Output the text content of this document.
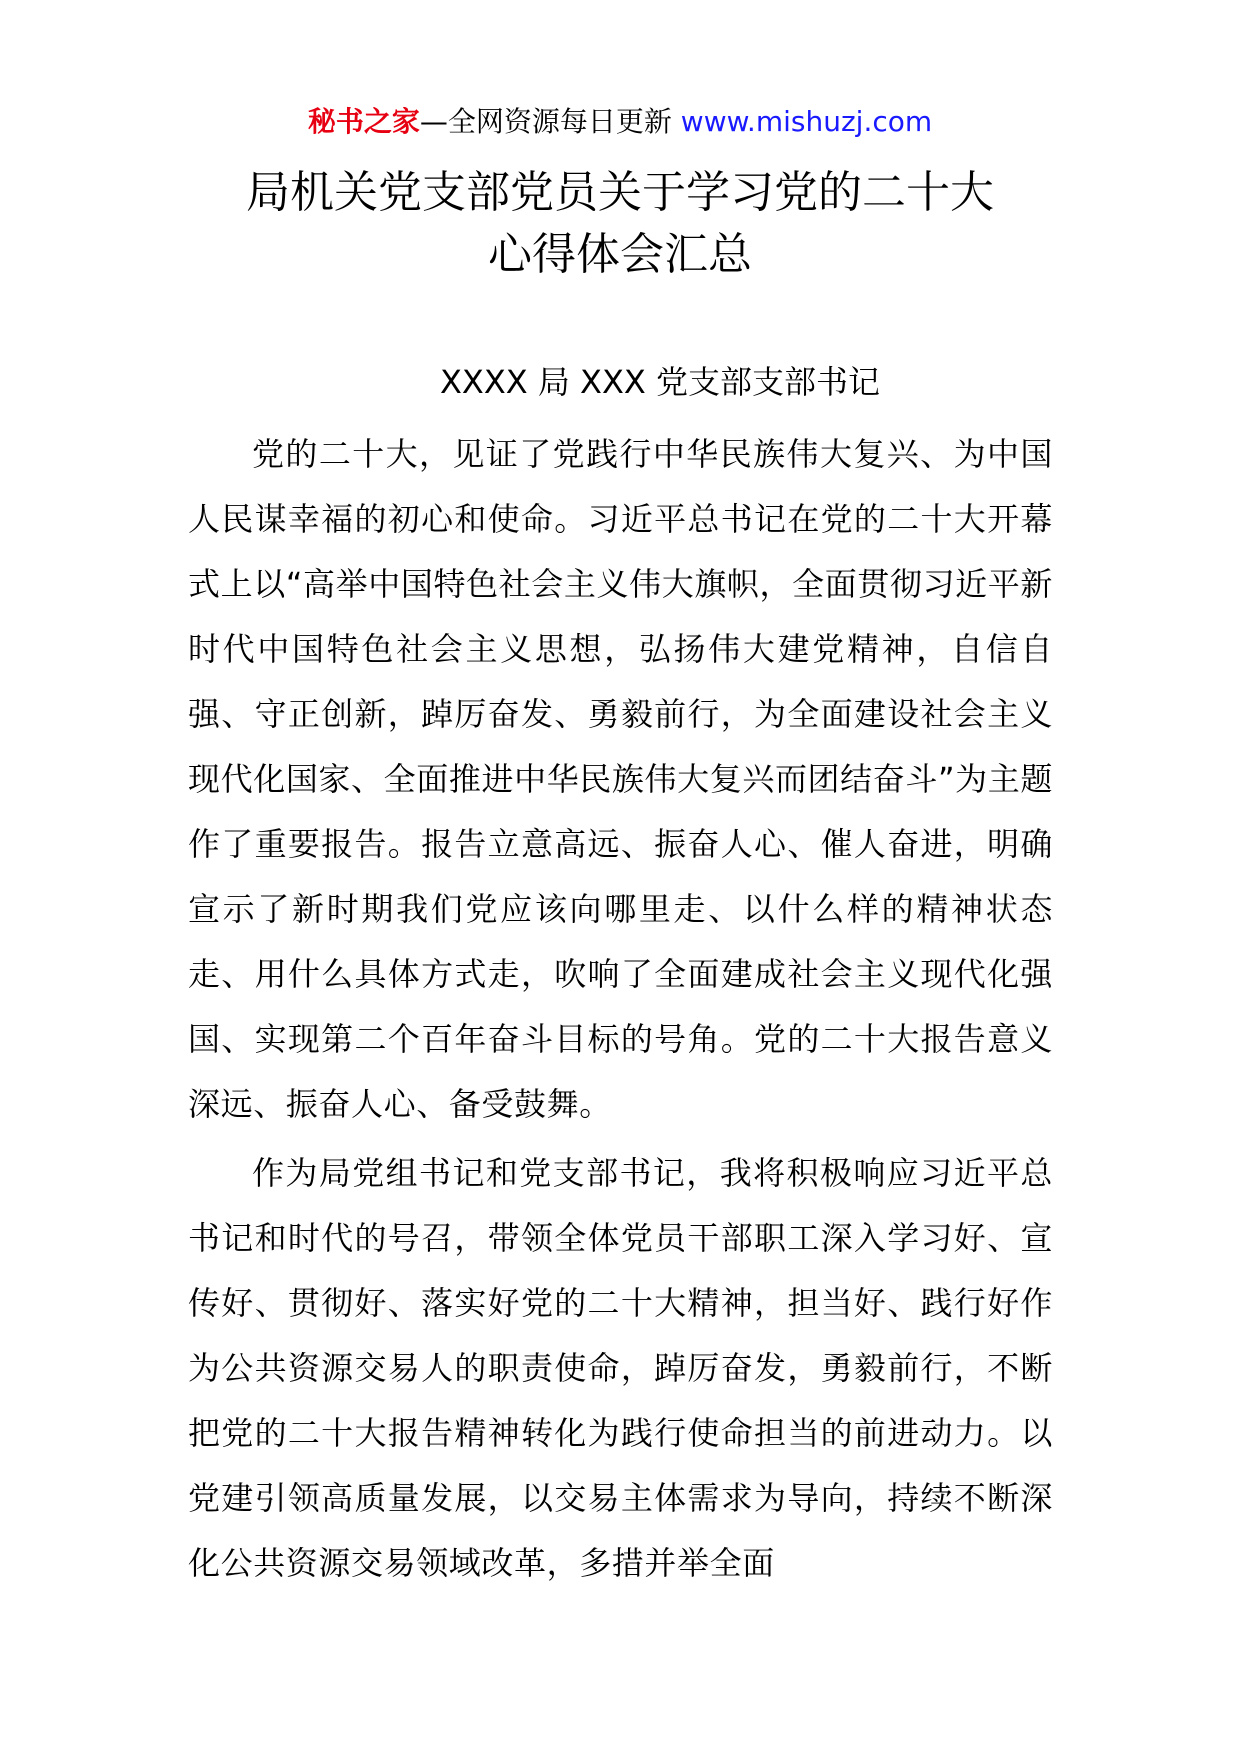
秘书之家—全网资源每日更新 www.mishuzj.com
局机关党支部党员关于学习党的二十大
心得体会汇总
XXXX 局 XXX 党支部支部书记

党的二十大，见证了党践行中华民族伟大复兴、为中国人民谋幸福的初心和使命。习近平总书记在党的二十大开幕式上以“高举中国特色社会主义伟大旗帜，全面贯彻习近平新时代中国特色社会主义思想，弘扬伟大建党精神，自信自强、守正创新，踔厉奋发、勇毅前行，为全面建设社会主义现代化国家、全面推进中华民族伟大复兴而团结奋斗”为主题作了重要报告。报告立意高远、振奋人心、催人奋进，明确宣示了新时期我们党应该向哪里走、以什么样的精神状态走、用什么具体方式走，吹响了全面建成社会主义现代化强国、实现第二个百年奋斗目标的号角。党的二十大报告意义深远、振奋人心、备受鼓舞。

作为局党组书记和党支部书记，我将积极响应习近平总书记和时代的号召，带领全体党员干部职工深入学习好、宣传好、贯彻好、落实好党的二十大精神，担当好、践行好作为公共资源交易人的职责使命，踔厉奋发，勇毅前行，不断把党的二十大报告精神转化为践行使命担当的前进动力。以党建引领高质量发展，以交易主体需求为导向，持续不断深化公共资源交易领域改革，多措并举全面
